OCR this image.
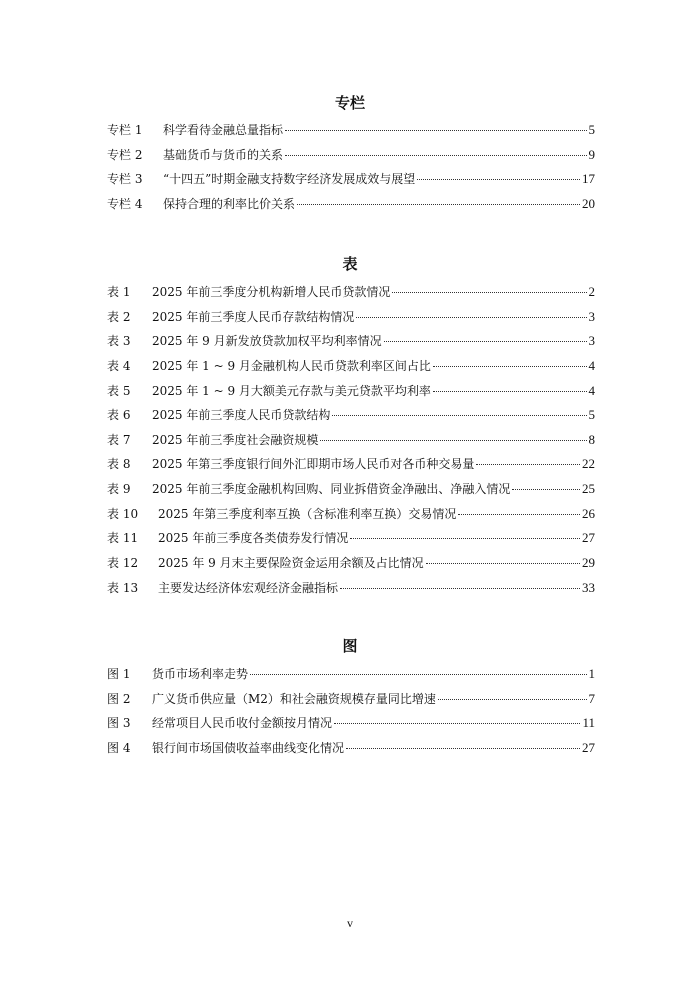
专栏
专栏 1	科学看待金融总量指标	5
专栏 2	基础货币与货币的关系	9
专栏 3	“十四五”时期金融支持数字经济发展成效与展望	17
专栏 4	保持合理的利率比价关系	20
表
表 1	2025 年前三季度分机构新增人民币贷款情况	2
表 2	2025 年前三季度人民币存款结构情况	3
表 3	2025 年 9 月新发放贷款加权平均利率情况	3
表 4	2025 年 1 ~ 9 月金融机构人民币贷款利率区间占比	4
表 5	2025 年 1 ~ 9 月大额美元存款与美元贷款平均利率	4
表 6	2025 年前三季度人民币贷款结构	5
表 7	2025 年前三季度社会融资规模	8
表 8	2025 年第三季度银行间外汇即期市场人民币对各币种交易量	22
表 9	2025 年前三季度金融机构回购、同业拆借资金净融出、净融入情况	25
表 10	2025 年第三季度利率互换（含标准利率互换）交易情况	26
表 11	2025 年前三季度各类债券发行情况	27
表 12	2025 年 9 月末主要保险资金运用余额及占比情况	29
表 13	主要发达经济体宏观经济金融指标	33
图
图 1	货币市场利率走势	1
图 2	广义货币供应量（M2）和社会融资规模存量同比增速	7
图 3	经常项目人民币收付金额按月情况	11
图 4	银行间市场国债收益率曲线变化情况	27
v
